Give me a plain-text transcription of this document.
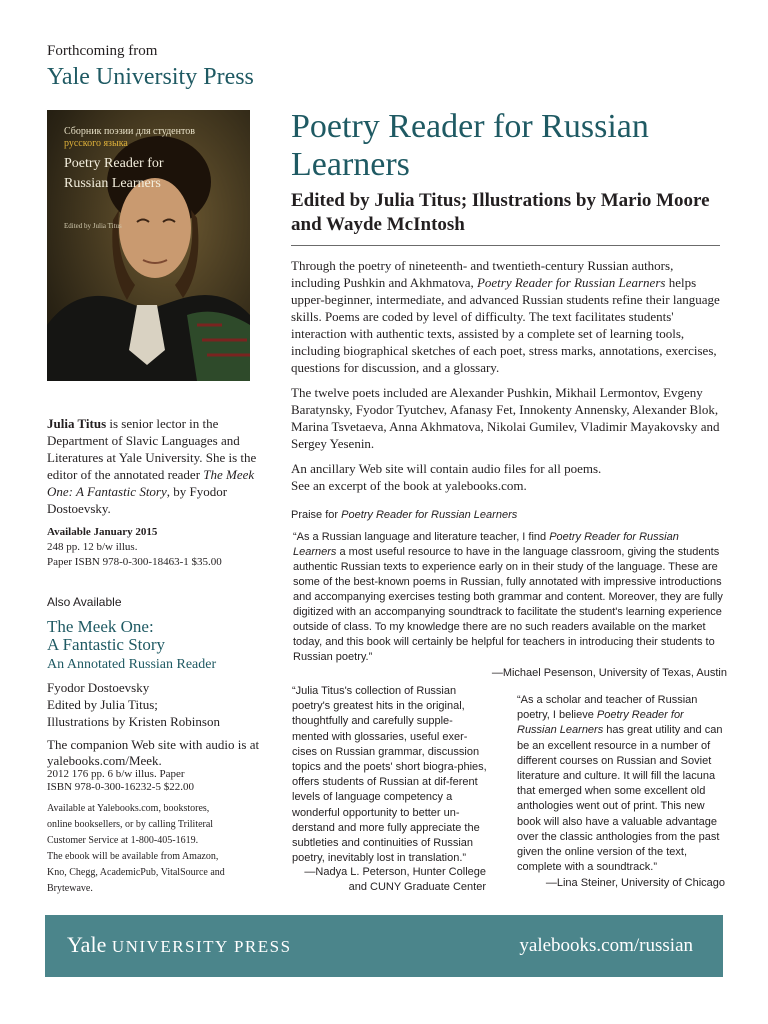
Forthcoming from
Yale University Press
Сборник поэзии для студентов
русского языка
Poetry Reader for
Russian Learners
Edited by Julia Titus
Poetry Reader for Russian Learners
Edited by Julia Titus; Illustrations by Mario Moore and Wayde McIntosh

Through the poetry of nineteenth- and twentieth-century Russian authors, including Pushkin and Akhmatova, Poetry Reader for Russian Learners helps upper-beginner, intermediate, and advanced Russian students refine their language skills. Poems are coded by level of difficulty. The text facilitates students' interaction with authentic texts, assisted by a complete set of learning tools, including biographical sketches of each poet, stress marks, annotations, exercises, questions for discussion, and a glossary.

The twelve poets included are Alexander Pushkin, Mikhail Lermontov, Evgeny Baratynsky, Fyodor Tyutchev, Afanasy Fet, Innokenty Annensky, Alexander Blok, Marina Tsvetaeva, Anna Akhmatova, Nikolai Gumilev, Vladimir Mayakovsky and Sergey Yesenin.

An ancillary Web site will contain audio files for all poems.
See an excerpt of the book at yalebooks.com.

Praise for Poetry Reader for Russian Learners
“As a Russian language and literature teacher, I find Poetry Reader for Russian Learners a most useful resource to have in the language classroom, giving the students authentic Russian texts to experience early on in their study of the language. These are some of the best-known poems in Russian, fully annotated with impressive introductions and accompanying exercises testing both grammar and content. Moreover, they are fully digitized with an accompanying soundtrack to facilitate the student's learning experience outside of class. To my knowledge there are no such readers available on the market today, and this book will certainly be helpful for teachers in introducing their students to Russian poetry.”
—Michael Pesenson, University of Texas, Austin
“Julia Titus's collection of Russian poetry's greatest hits in the original, thoughtfully and carefully supple-mented with glossaries, useful exer-cises on Russian grammar, discussion topics and the poets' short biogra-phies, offers students of Russian at dif-ferent levels of language competency a wonderful opportunity to better un-derstand and more fully appreciate the subtleties and continuities of Russian poetry, inevitably lost in translation.”
—Nadya L. Peterson, Hunter College
and CUNY Graduate Center
“As a scholar and teacher of Russian poetry, I believe Poetry Reader for Russian Learners has great utility and can be an excellent resource in a number of different courses on Russian and Soviet literature and culture. It will fill the lacuna that emerged when some excellent old anthologies went out of print. This new book will also have a valuable advantage over the classic anthologies from the past given the online version of the text, complete with a soundtrack.”
—Lina Steiner, University of Chicago
Julia Titus is senior lector in the Department of Slavic Languages and Literatures at Yale University. She is the editor of the annotated reader The Meek One: A Fantastic Story, by Fyodor Dostoevsky.
Available January 2015
248 pp. 12 b/w illus.
Paper ISBN 978-0-300-18463-1 $35.00
Also Available
The Meek One:
A Fantastic Story
An Annotated Russian Reader
Fyodor Dostoevsky
Edited by Julia Titus;
Illustrations by Kristen Robinson
The companion Web site with audio is at
yalebooks.com/Meek.
2012 176 pp. 6 b/w illus. Paper
ISBN 978-0-300-16232-5 $22.00
Available at Yalebooks.com, bookstores,
online booksellers, or by calling Triliteral
Customer Service at 1-800-405-1619.
The ebook will be available from Amazon,
Kno, Chegg, AcademicPub, VitalSource and
Brytewave.
Yale UNIVERSITY PRESS	yalebooks.com/russian
